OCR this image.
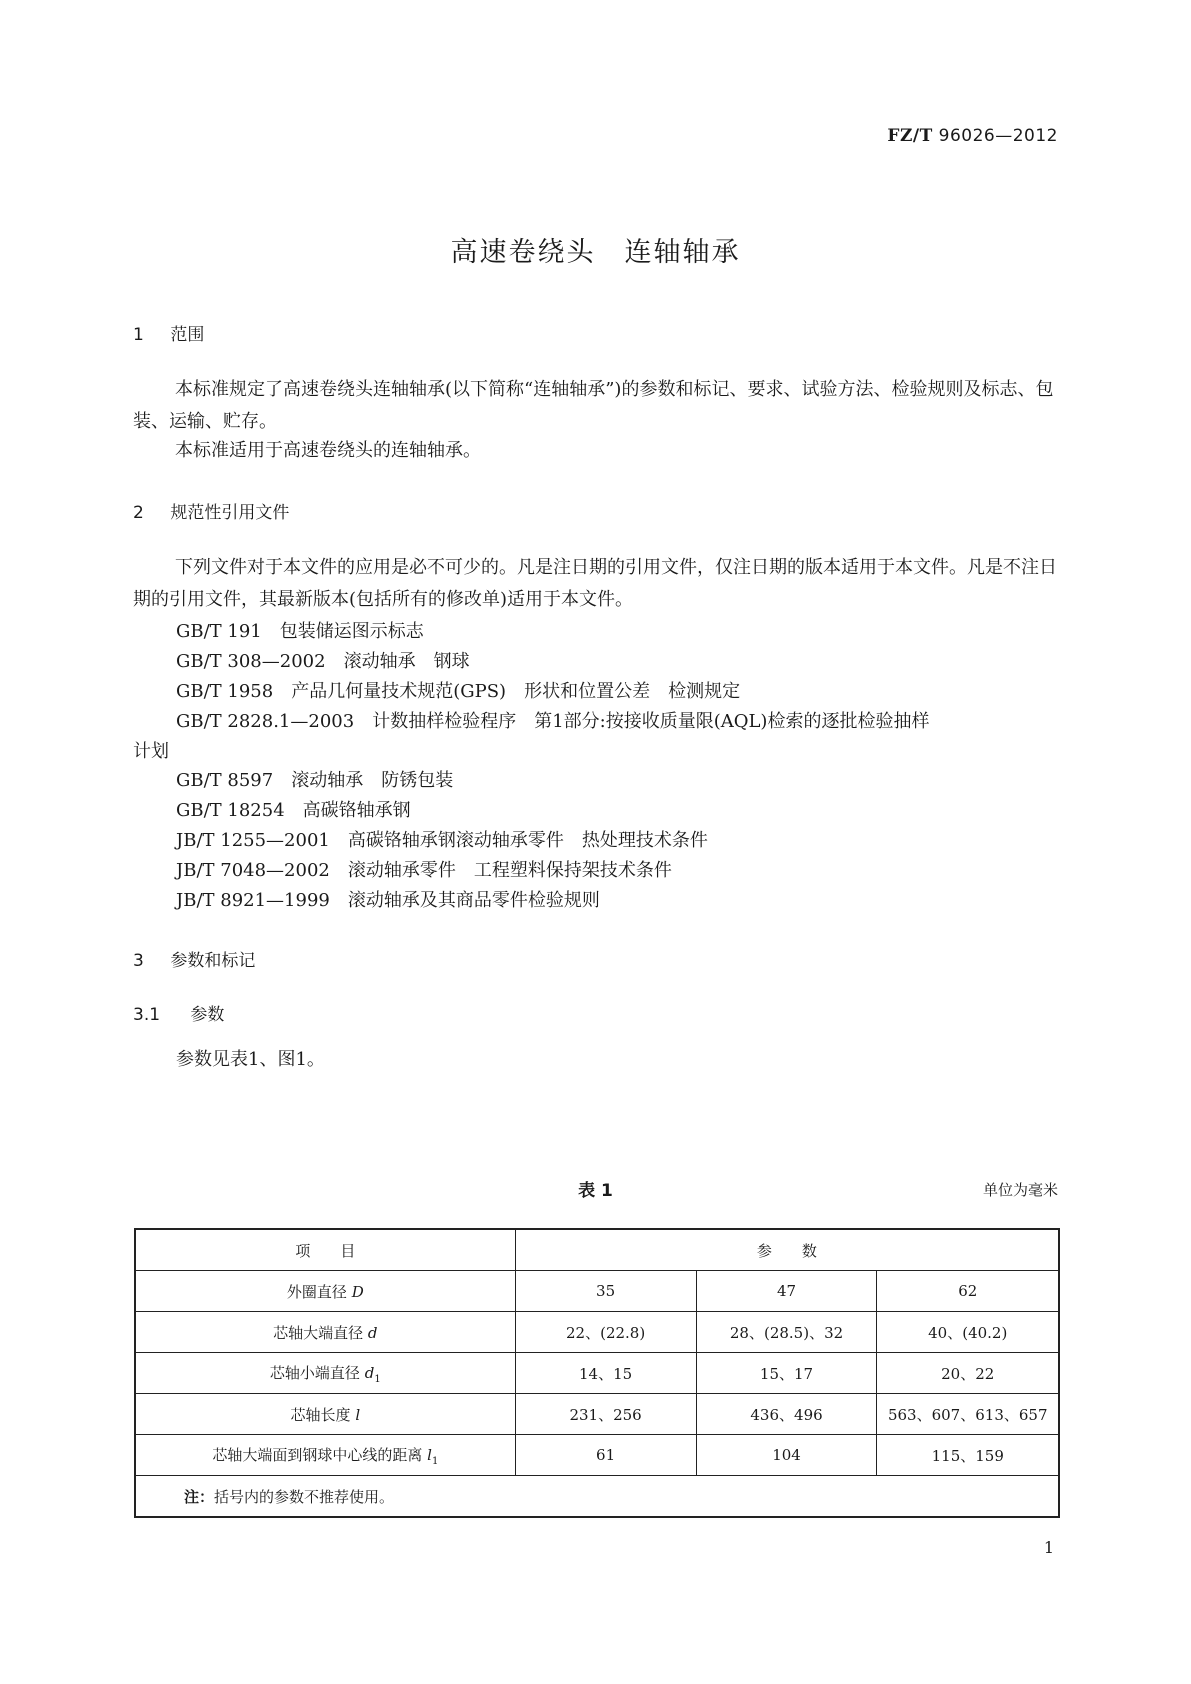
FZ/T 96026—2012
高速卷绕头　连轴轴承
1 范围
本标准规定了高速卷绕头连轴轴承(以下简称“连轴轴承”)的参数和标记、要求、试验方法、检验规则及标志、包装、运输、贮存。
本标准适用于高速卷绕头的连轴轴承。
2 规范性引用文件
下列文件对于本文件的应用是必不可少的。凡是注日期的引用文件，仅注日期的版本适用于本文件。凡是不注日期的引用文件，其最新版本(包括所有的修改单)适用于本文件。
GB/T 191　包装储运图示标志
GB/T 308—2002　滚动轴承　钢球
GB/T 1958　产品几何量技术规范(GPS)　形状和位置公差　检测规定
GB/T 2828.1—2003　计数抽样检验程序　第1部分:按接收质量限(AQL)检索的逐批检验抽样
计划
GB/T 8597　滚动轴承　防锈包装
GB/T 18254　高碳铬轴承钢
JB/T 1255—2001　高碳铬轴承钢滚动轴承零件　热处理技术条件
JB/T 7048—2002　滚动轴承零件　工程塑料保持架技术条件
JB/T 8921—1999　滚动轴承及其商品零件检验规则
3 参数和标记
3.1 参数
参数见表1、图1。
表 1	单位为毫米
项　　目	参　　数		
外圈直径 D	35	47	62
芯轴大端直径 d	22、(22.8)	28、(28.5)、32	40、(40.2)
芯轴小端直径 $d_1$	14、15	15、17	20、22
芯轴长度 l	231、256	436、496	563、607、613、657
芯轴大端面到钢球中心线的距离 $l_1$	61	104	115、159
注：括号内的参数不推荐使用。			
1
